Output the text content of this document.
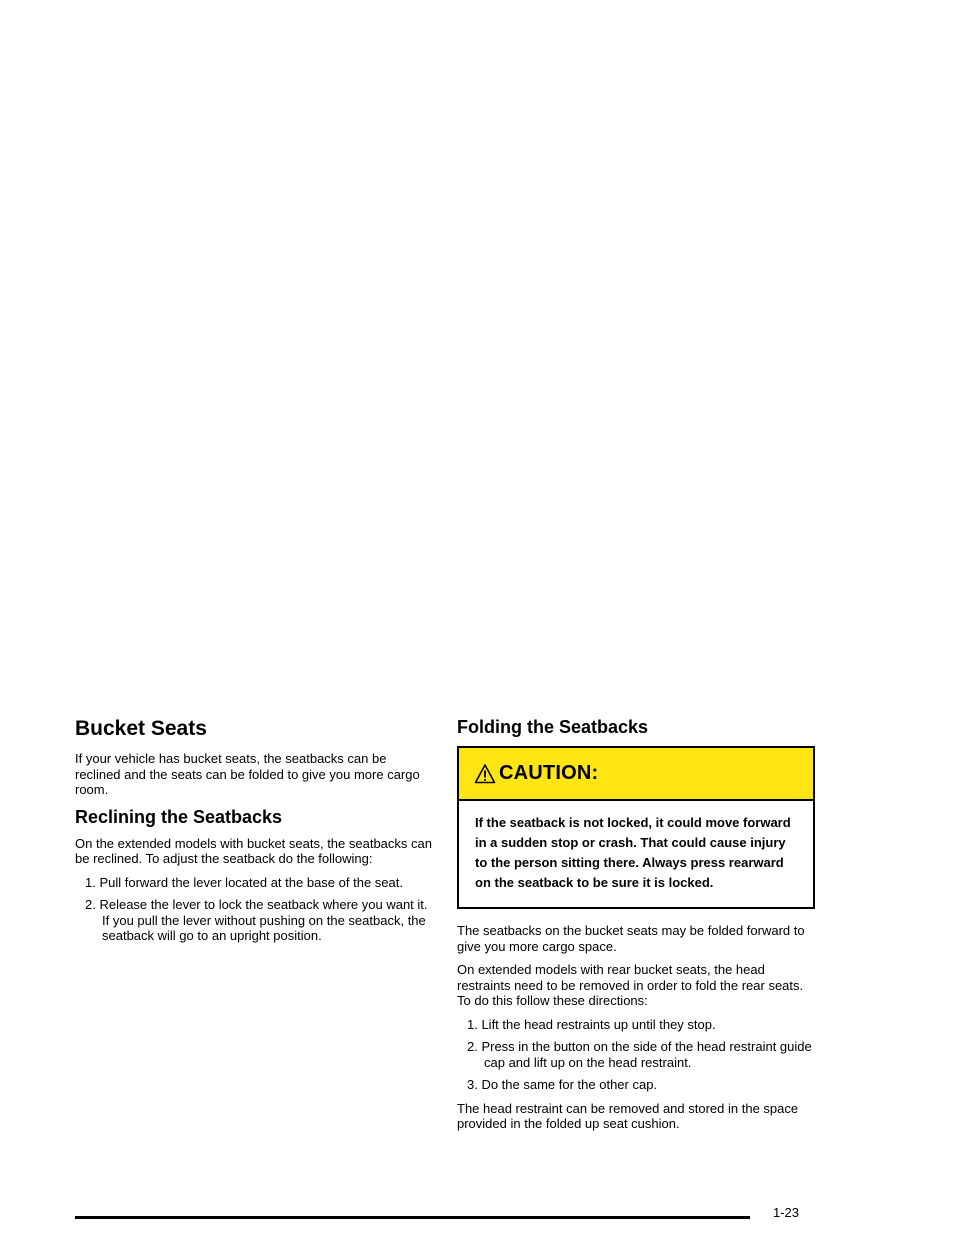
Bucket Seats

If your vehicle has bucket seats, the seatbacks can be reclined and the seats can be folded to give you more cargo room.

Reclining the Seatbacks

On the extended models with bucket seats, the seatbacks can be reclined. To adjust the seatback do the following:

1. Pull forward the lever located at the base of the seat.
2. Release the lever to lock the seatback where you want it. If you pull the lever without pushing on the seatback, the seatback will go to an upright position.
Folding the Seatbacks
CAUTION:
If the seatback is not locked, it could move forward in a sudden stop or crash. That could cause injury to the person sitting there. Always press rearward on the seatback to be sure it is locked.

The seatbacks on the bucket seats may be folded forward to give you more cargo space.

On extended models with rear bucket seats, the head restraints need to be removed in order to fold the rear seats. To do this follow these directions:

1. Lift the head restraints up until they stop.
2. Press in the button on the side of the head restraint guide cap and lift up on the head restraint.
3. Do the same for the other cap.

The head restraint can be removed and stored in the space provided in the folded up seat cushion.

1-23
